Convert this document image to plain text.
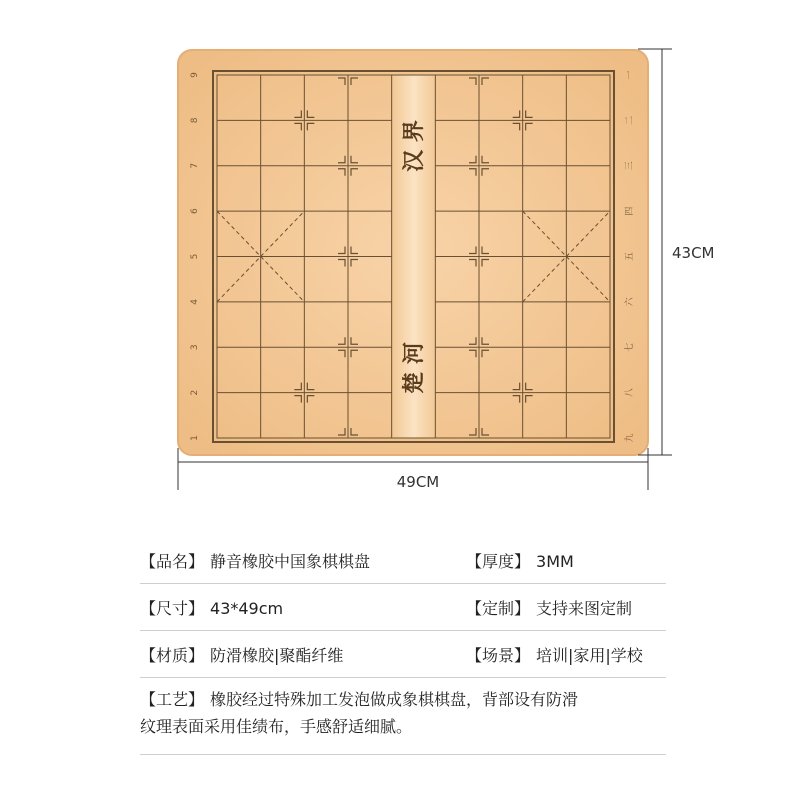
楚 河
汉 界
9
8
7
6
5
4
3
2
1
一
二
三
四
五
六
七
八
九
49CM
43CM
【品名】 静音橡胶中国象棋棋盘	【厚度】 3MM
【尺寸】 43*49cm	【定制】 支持来图定制
【材质】 防滑橡胶|聚酯纤维	【场景】 培训|家用|学校
【工艺】 橡胶经过特殊加工发泡做成象棋棋盘，背部设有防滑
纹理表面采用佳绩布，手感舒适细腻。
